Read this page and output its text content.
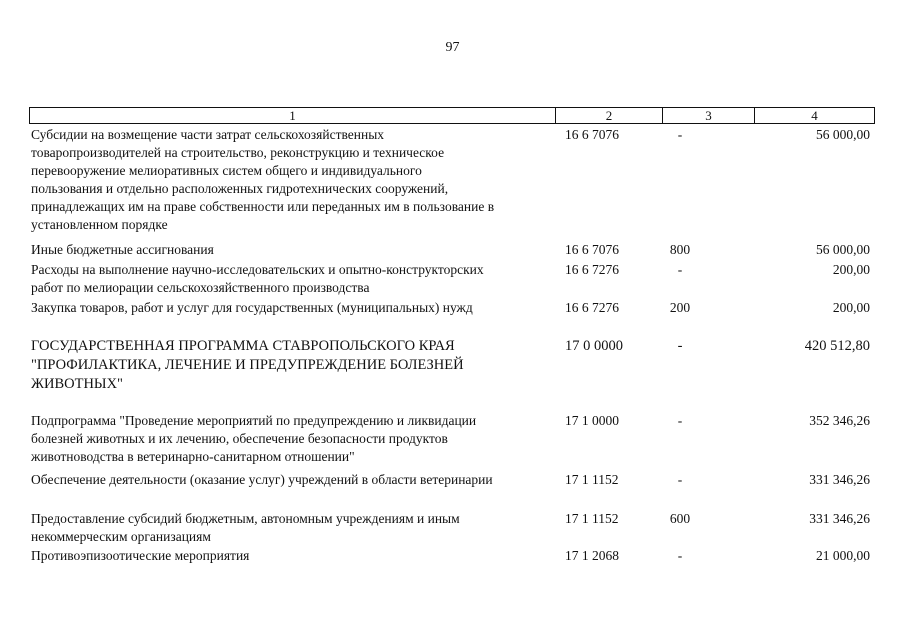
97
1	2	3	4
Субсидии на возмещение части затрат сельскохозяйственных
товаропроизводителей на строительство, реконструкцию и техническое
перевооружение мелиоративных систем общего и индивидуального
пользования и отдельно расположенных гидротехнических сооружений,
принадлежащих им на праве собственности или переданных им в пользование в
установленном порядке
16 6 7076	-	56 000,00
Иные бюджетные ассигнования	16 6 7076	800	56 000,00
Расходы на выполнение научно-исследовательских и опытно-конструкторских
работ по мелиорации сельскохозяйственного производства
16 6 7276	-	200,00
Закупка товаров, работ и услуг для государственных (муниципальных) нужд	16 6 7276	200	200,00
ГОСУДАРСТВЕННАЯ ПРОГРАММА СТАВРОПОЛЬСКОГО КРАЯ
"ПРОФИЛАКТИКА, ЛЕЧЕНИЕ И ПРЕДУПРЕЖДЕНИЕ БОЛЕЗНЕЙ
ЖИВОТНЫХ"
17 0 0000	-	420 512,80
Подпрограмма "Проведение мероприятий по предупреждению и ликвидации
болезней животных и их лечению, обеспечение безопасности продуктов
животноводства в ветеринарно-санитарном отношении"
17 1 0000	-	352 346,26
Обеспечение деятельности (оказание услуг) учреждений в области ветеринарии	17 1 1152	-	331 346,26
Предоставление субсидий бюджетным, автономным учреждениям и иным
некоммерческим организациям
17 1 1152	600	331 346,26
Противоэпизоотические мероприятия	17 1 2068	-	21 000,00
